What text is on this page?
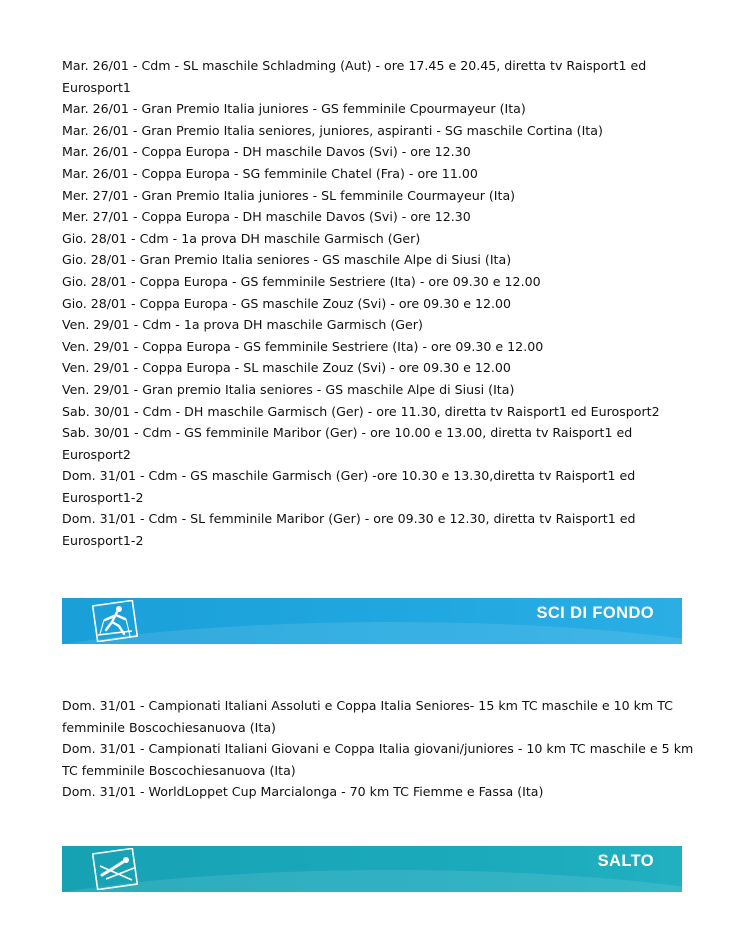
Mar. 26/01 - Cdm - SL maschile Schladming (Aut) - ore 17.45 e 20.45, diretta tv Raisport1 ed
Eurosport1
Mar. 26/01 - Gran Premio Italia juniores - GS femminile Cpourmayeur (Ita)
Mar. 26/01 - Gran Premio Italia seniores, juniores, aspiranti - SG maschile Cortina (Ita)
Mar. 26/01 - Coppa Europa - DH maschile Davos (Svi) - ore 12.30
Mar. 26/01 - Coppa Europa - SG femminile Chatel (Fra) - ore 11.00
Mer. 27/01 - Gran Premio Italia juniores - SL femminile Courmayeur (Ita)
Mer. 27/01 - Coppa Europa - DH maschile Davos (Svi) - ore 12.30
Gio. 28/01 - Cdm - 1a prova DH maschile Garmisch (Ger)
Gio. 28/01 - Gran Premio Italia seniores - GS maschile Alpe di Siusi (Ita)
Gio. 28/01 - Coppa Europa - GS femminile Sestriere (Ita) - ore 09.30 e 12.00
Gio. 28/01 - Coppa Europa - GS maschile Zouz (Svi) - ore 09.30 e 12.00
Ven. 29/01 - Cdm - 1a prova DH maschile Garmisch (Ger)
Ven. 29/01 - Coppa Europa - GS femminile Sestriere (Ita) - ore 09.30 e 12.00
Ven. 29/01 - Coppa Europa - SL maschile Zouz (Svi) - ore 09.30 e 12.00
Ven. 29/01 - Gran premio Italia seniores - GS maschile Alpe di Siusi (Ita)
Sab. 30/01 - Cdm - DH maschile Garmisch (Ger) - ore 11.30, diretta tv Raisport1 ed Eurosport2
Sab. 30/01 - Cdm - GS femminile Maribor (Ger) - ore 10.00 e 13.00, diretta tv Raisport1 ed
Eurosport2
Dom. 31/01 - Cdm - GS maschile Garmisch (Ger) -ore 10.30 e 13.30,diretta tv Raisport1 ed
Eurosport1-2
Dom. 31/01 - Cdm - SL femminile Maribor (Ger) - ore 09.30 e 12.30, diretta tv Raisport1 ed
Eurosport1-2
SCI DI FONDO
Dom. 31/01 - Campionati Italiani Assoluti e Coppa Italia Seniores- 15 km TC maschile e 10 km TC
femminile Boscochiesanuova (Ita)
Dom. 31/01 - Campionati Italiani Giovani e Coppa Italia giovani/juniores - 10 km TC maschile e 5 km
TC femminile Boscochiesanuova (Ita)
Dom. 31/01 - WorldLoppet Cup Marcialonga - 70 km TC Fiemme e Fassa (Ita)
SALTO
